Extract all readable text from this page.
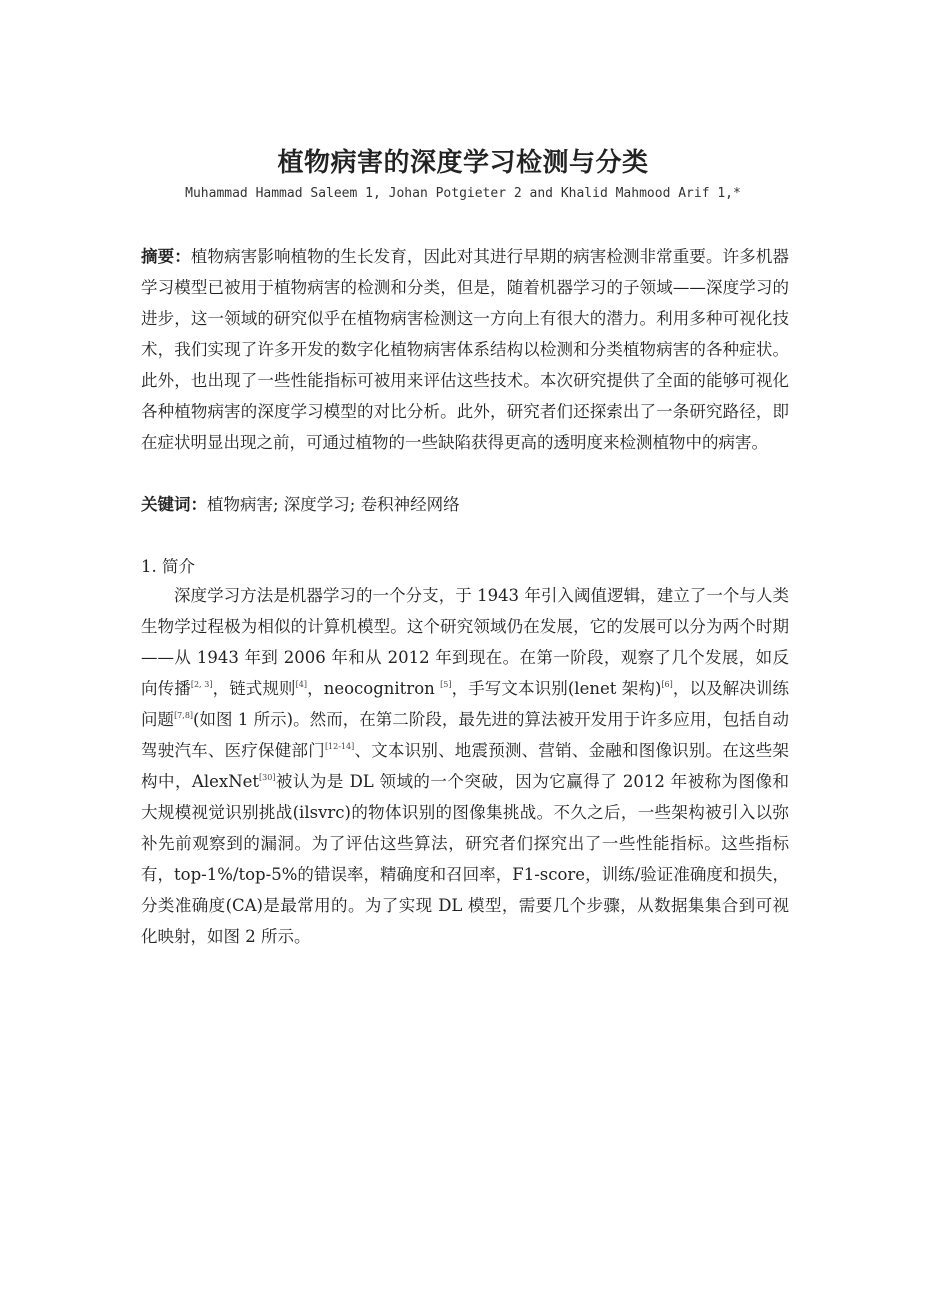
植物病害的深度学习检测与分类
Muhammad Hammad Saleem 1, Johan Potgieter 2 and Khalid Mahmood Arif 1,*
摘要：植物病害影响植物的生长发育，因此对其进行早期的病害检测非常重要。许多机器学习模型已被用于植物病害的检测和分类，但是，随着机器学习的子领域——深度学习的进步，这一领域的研究似乎在植物病害检测这一方向上有很大的潜力。利用多种可视化技术，我们实现了许多开发的数字化植物病害体系结构以检测和分类植物病害的各种症状。此外，也出现了一些性能指标可被用来评估这些技术。本次研究提供了全面的能够可视化各种植物病害的深度学习模型的对比分析。此外，研究者们还探索出了一条研究路径，即在症状明显出现之前，可通过植物的一些缺陷获得更高的透明度来检测植物中的病害。
关键词：植物病害; 深度学习; 卷积神经网络
1. 简介
深度学习方法是机器学习的一个分支，于 1943 年引入阈值逻辑，建立了一个与人类生物学过程极为相似的计算机模型。这个研究领域仍在发展，它的发展可以分为两个时期——从 1943 年到 2006 年和从 2012 年到现在。在第一阶段，观察了几个发展，如反向传播[2, 3]，链式规则[4]，neocognitron [5]，手写文本识别(lenet 架构)[6]，以及解决训练问题[7,8](如图 1 所示)。然而，在第二阶段，最先进的算法被开发用于许多应用，包括自动驾驶汽车、医疗保健部门[12-14]、文本识别、地震预测、营销、金融和图像识别。在这些架构中，AlexNet[30]被认为是 DL 领域的一个突破，因为它赢得了 2012 年被称为图像和大规模视觉识别挑战(ilsvrc)的物体识别的图像集挑战。不久之后，一些架构被引入以弥补先前观察到的漏洞。为了评估这些算法，研究者们探究出了一些性能指标。这些指标有，top-1%/top-5%的错误率，精确度和召回率，F1-score，训练/验证准确度和损失，分类准确度(CA)是最常用的。为了实现 DL 模型，需要几个步骤，从数据集集合到可视化映射，如图 2 所示。
